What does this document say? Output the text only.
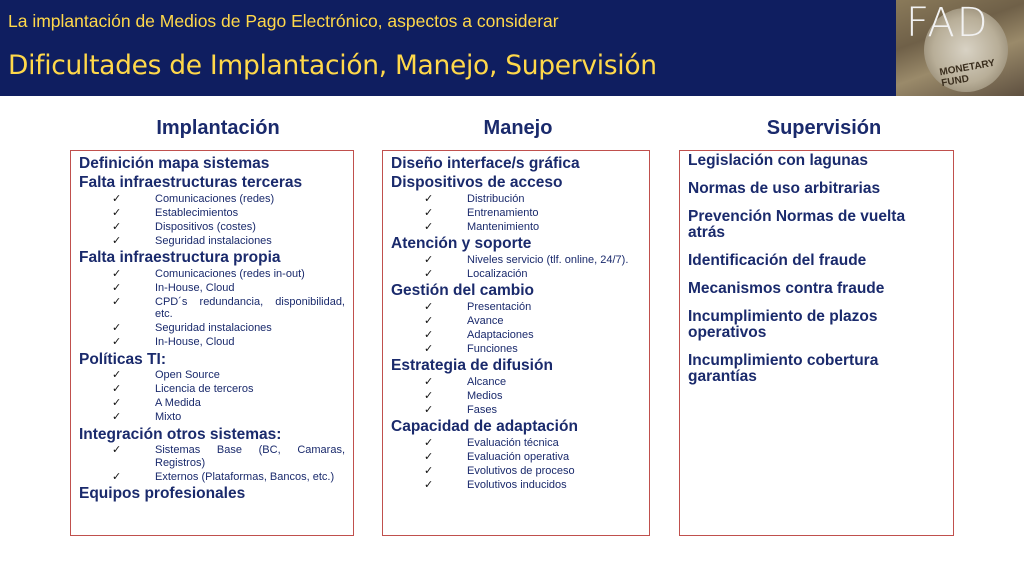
La implantación de Medios de Pago Electrónico, aspectos a considerar
Dificultades de Implantación, Manejo, Supervisión
FAD
MONETARY FUND
Implantación	Manejo	Supervisión
Definición mapa sistemas
Falta infraestructuras terceras
✓ Comunicaciones (redes)
✓ Establecimientos
✓ Dispositivos (costes)
✓ Seguridad instalaciones
Falta infraestructura propia
✓ Comunicaciones (redes in-out)
✓ In-House, Cloud
✓ CPD´s redundancia, disponibilidad, etc.
✓ Seguridad instalaciones
✓ In-House, Cloud
Políticas TI:
✓ Open Source
✓ Licencia de terceros
✓ A Medida
✓ Mixto
Integración otros sistemas:
✓ Sistemas Base (BC, Camaras, Registros)
✓ Externos (Plataformas, Bancos, etc.)
Equipos profesionales
Diseño interface/s gráfica
Dispositivos de acceso
✓ Distribución
✓ Entrenamiento
✓ Mantenimiento
Atención y soporte
✓ Niveles servicio (tlf. online, 24/7).
✓ Localización
Gestión del cambio
✓ Presentación
✓ Avance
✓ Adaptaciones
✓ Funciones
Estrategia de difusión
✓ Alcance
✓ Medios
✓ Fases
Capacidad de adaptación
✓ Evaluación técnica
✓ Evaluación operativa
✓ Evolutivos de proceso
✓ Evolutivos inducidos
Legislación con lagunas
Normas de uso arbitrarias
Prevención Normas de vuelta atrás
Identificación del fraude
Mecanismos contra fraude
Incumplimiento de plazos operativos
Incumplimiento cobertura garantías
